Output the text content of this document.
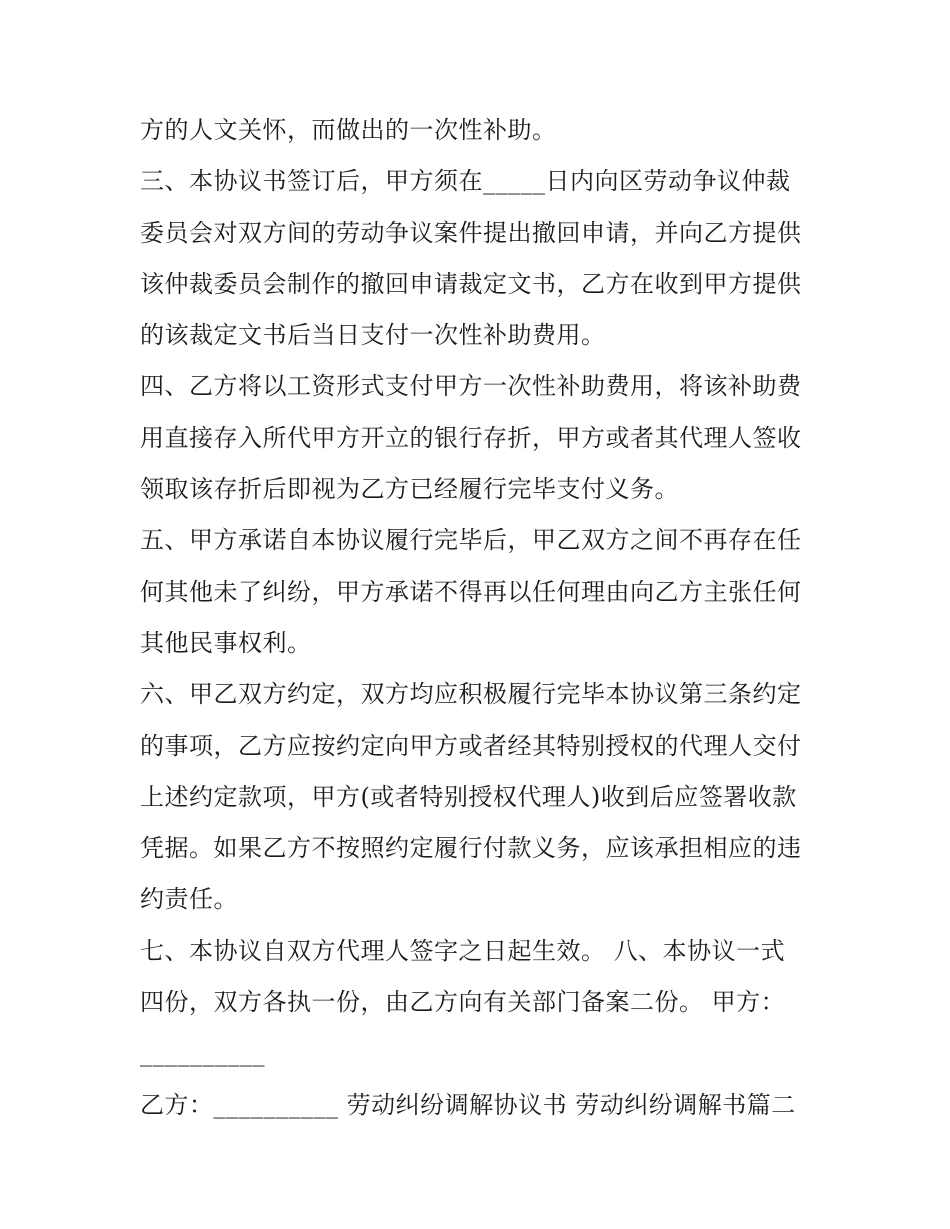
方的人文关怀，而做出的一次性补助。
三、本协议书签订后，甲方须在_____日内向区劳动争议仲裁
委员会对双方间的劳动争议案件提出撤回申请，并向乙方提供
该仲裁委员会制作的撤回申请裁定文书，乙方在收到甲方提供
的该裁定文书后当日支付一次性补助费用。
四、乙方将以工资形式支付甲方一次性补助费用，将该补助费
用直接存入所代甲方开立的银行存折，甲方或者其代理人签收
领取该存折后即视为乙方已经履行完毕支付义务。
五、甲方承诺自本协议履行完毕后，甲乙双方之间不再存在任
何其他未了纠纷，甲方承诺不得再以任何理由向乙方主张任何
其他民事权利。
六、甲乙双方约定，双方均应积极履行完毕本协议第三条约定
的事项，乙方应按约定向甲方或者经其特别授权的代理人交付
上述约定款项，甲方(或者特别授权代理人)收到后应签署收款
凭据。如果乙方不按照约定履行付款义务，应该承担相应的违
约责任。
七、本协议自双方代理人签字之日起生效。 八、本协议一式
四份，双方各执一份，由乙方向有关部门备案二份。 甲方：
__________
乙方：__________ 劳动纠纷调解协议书 劳动纠纷调解书篇二
